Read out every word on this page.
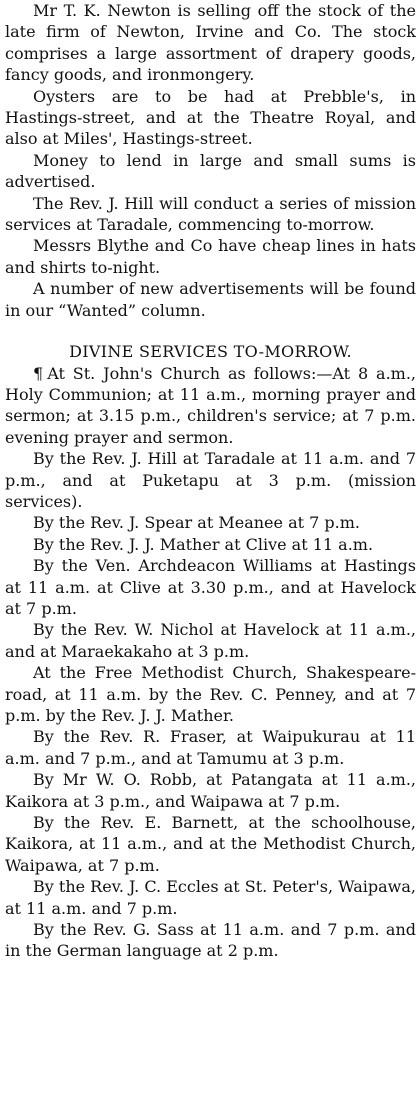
Mr T. K. Newton is selling off the stock of the late firm of Newton, Irvine and Co. The stock comprises a large assortment of drapery goods, fancy goods, and ironmongery.

Oysters are to be had at Prebble's, in Hastings-street, and at the Theatre Royal, and also at Miles', Hastings-street.

Money to lend in large and small sums is advertised.

The Rev. J. Hill will conduct a series of mission services at Taradale, commencing to-morrow.

Messrs Blythe and Co have cheap lines in hats and shirts to-night.

A number of new advertisements will be found in our “Wanted” column.

DIVINE SERVICES TO-MORROW.

¶ At St. John's Church as follows:—At 8 a.m., Holy Communion; at 11 a.m., morning prayer and sermon; at 3.15 p.m., children's service; at 7 p.m. evening prayer and sermon.

By the Rev. J. Hill at Taradale at 11 a.m. and 7 p.m., and at Puketapu at 3 p.m. (mission services).

By the Rev. J. Spear at Meanee at 7 p.m.

By the Rev. J. J. Mather at Clive at 11 a.m.

By the Ven. Archdeacon Williams at Hastings at 11 a.m. at Clive at 3.30 p.m., and at Havelock at 7 p.m.

By the Rev. W. Nichol at Havelock at 11 a.m., and at Maraekakaho at 3 p.m.

At the Free Methodist Church, Shakespeare-road, at 11 a.m. by the Rev. C. Penney, and at 7 p.m. by the Rev. J. J. Mather.

By the Rev. R. Fraser, at Waipukurau at 11 a.m. and 7 p.m., and at Tamumu at 3 p.m.

By Mr W. O. Robb, at Patangata at 11 a.m., Kaikora at 3 p.m., and Waipawa at 7 p.m.

By the Rev. E. Barnett, at the schoolhouse, Kaikora, at 11 a.m., and at the Methodist Church, Waipawa, at 7 p.m.

By the Rev. J. C. Eccles at St. Peter's, Waipawa, at 11 a.m. and 7 p.m.

By the Rev. G. Sass at 11 a.m. and 7 p.m. and in the German language at 2 p.m.
